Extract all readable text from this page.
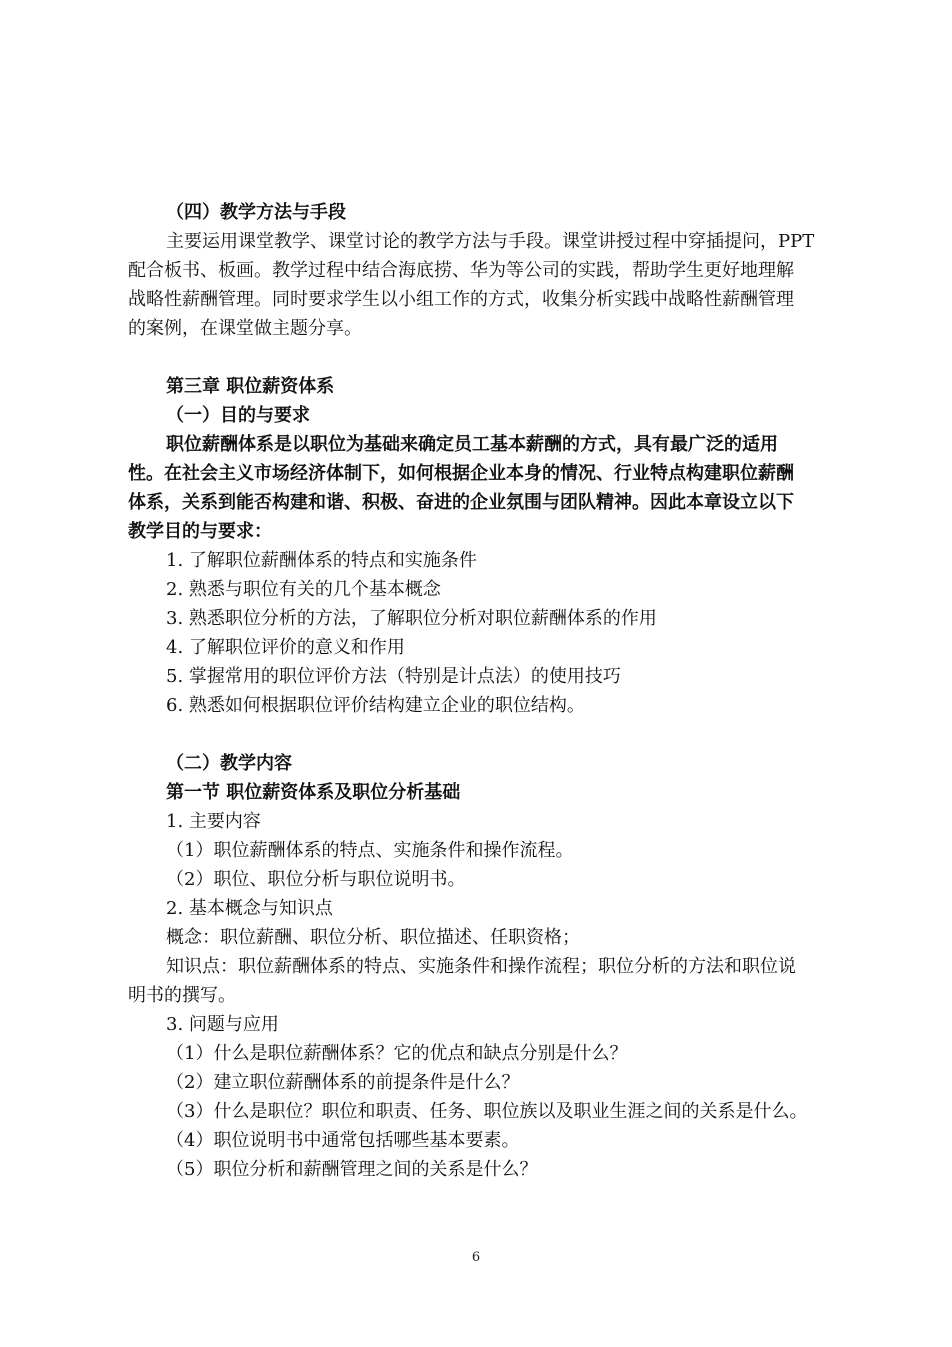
（四）教学方法与手段
主要运用课堂教学、课堂讨论的教学方法与手段。课堂讲授过程中穿插提问，PPT
配合板书、板画。教学过程中结合海底捞、华为等公司的实践，帮助学生更好地理解
战略性薪酬管理。同时要求学生以小组工作的方式，收集分析实践中战略性薪酬管理
的案例，在课堂做主题分享。
第三章 职位薪资体系
（一）目的与要求
职位薪酬体系是以职位为基础来确定员工基本薪酬的方式，具有最广泛的适用
性。在社会主义市场经济体制下，如何根据企业本身的情况、行业特点构建职位薪酬
体系，关系到能否构建和谐、积极、奋进的企业氛围与团队精神。因此本章设立以下
教学目的与要求：
1. 了解职位薪酬体系的特点和实施条件
2. 熟悉与职位有关的几个基本概念
3. 熟悉职位分析的方法，了解职位分析对职位薪酬体系的作用
4. 了解职位评价的意义和作用
5. 掌握常用的职位评价方法（特别是计点法）的使用技巧
6. 熟悉如何根据职位评价结构建立企业的职位结构。
（二）教学内容
第一节 职位薪资体系及职位分析基础
1. 主要内容
（1）职位薪酬体系的特点、实施条件和操作流程。
（2）职位、职位分析与职位说明书。
2. 基本概念与知识点
概念：职位薪酬、职位分析、职位描述、任职资格；
知识点：职位薪酬体系的特点、实施条件和操作流程；职位分析的方法和职位说
明书的撰写。
3. 问题与应用
（1）什么是职位薪酬体系？它的优点和缺点分别是什么？
（2）建立职位薪酬体系的前提条件是什么？
（3）什么是职位？职位和职责、任务、职位族以及职业生涯之间的关系是什么。
（4）职位说明书中通常包括哪些基本要素。
（5）职位分析和薪酬管理之间的关系是什么？
6
